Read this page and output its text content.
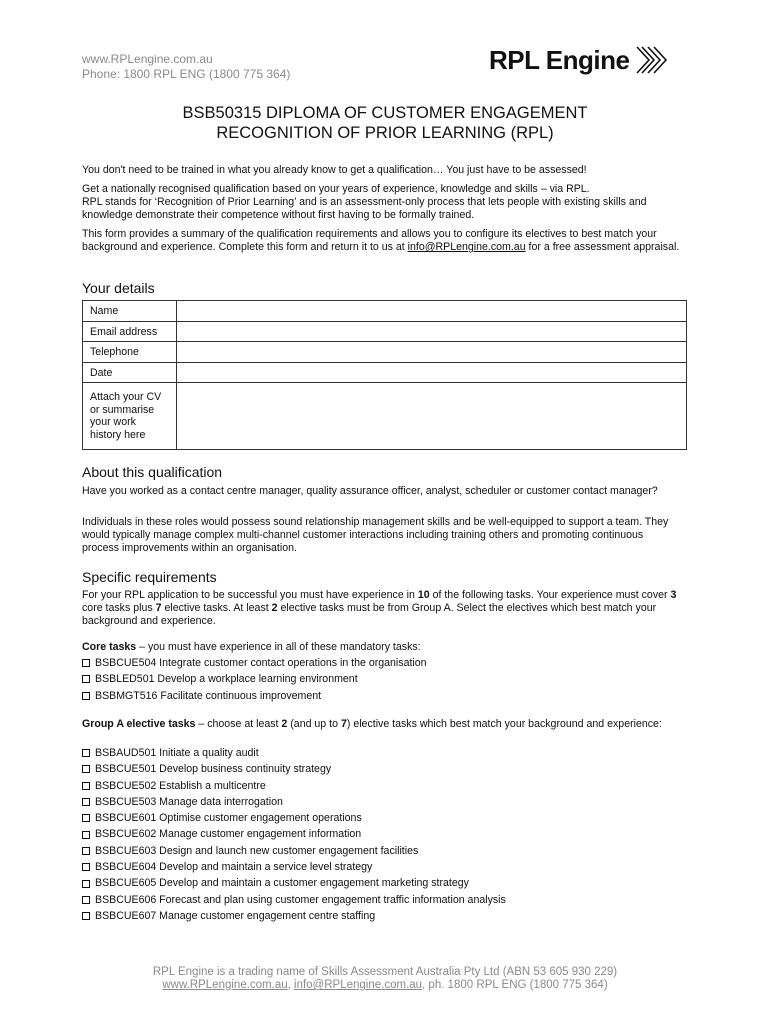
www.RPLengine.com.au
Phone: 1800 RPL ENG (1800 775 364)	RPL Engine
BSB50315 DIPLOMA OF CUSTOMER ENGAGEMENT
RECOGNITION OF PRIOR LEARNING (RPL)

You don't need to be trained in what you already know to get a qualification… You just have to be assessed!

Get a nationally recognised qualification based on your years of experience, knowledge and skills – via RPL.
RPL stands for ‘Recognition of Prior Learning’ and is an assessment-only process that lets people with existing skills and knowledge demonstrate their competence without first having to be formally trained.

This form provides a summary of the qualification requirements and allows you to configure its electives to best match your background and experience. Complete this form and return it to us at info@RPLengine.com.au for a free assessment appraisal.

Your details
Name	
Email address	
Telephone	
Date	
Attach your CV or summarise your work history here	
About this qualification

Have you worked as a contact centre manager, quality assurance officer, analyst, scheduler or customer contact manager?

Individuals in these roles would possess sound relationship management skills and be well-equipped to support a team. They would typically manage complex multi-channel customer interactions including training others and promoting continuous process improvements within an organisation.

Specific requirements

For your RPL application to be successful you must have experience in 10 of the following tasks. Your experience must cover 3 core tasks plus 7 elective tasks. At least 2 elective tasks must be from Group A. Select the electives which best match your background and experience.

Core tasks – you must have experience in all of these mandatory tasks:

BSBCUE504 Integrate customer contact operations in the organisation
BSBLED501 Develop a workplace learning environment
BSBMGT516 Facilitate continuous improvement

Group A elective tasks – choose at least 2 (and up to 7) elective tasks which best match your background and experience:

BSBAUD501 Initiate a quality audit
BSBCUE501 Develop business continuity strategy
BSBCUE502 Establish a multicentre
BSBCUE503 Manage data interrogation
BSBCUE601 Optimise customer engagement operations
BSBCUE602 Manage customer engagement information
BSBCUE603 Design and launch new customer engagement facilities
BSBCUE604 Develop and maintain a service level strategy
BSBCUE605 Develop and maintain a customer engagement marketing strategy
BSBCUE606 Forecast and plan using customer engagement traffic information analysis
BSBCUE607 Manage customer engagement centre staffing
RPL Engine is a trading name of Skills Assessment Australia Pty Ltd (ABN 53 605 930 229)
www.RPLengine.com.au, info@RPLengine.com.au, ph. 1800 RPL ENG (1800 775 364)
